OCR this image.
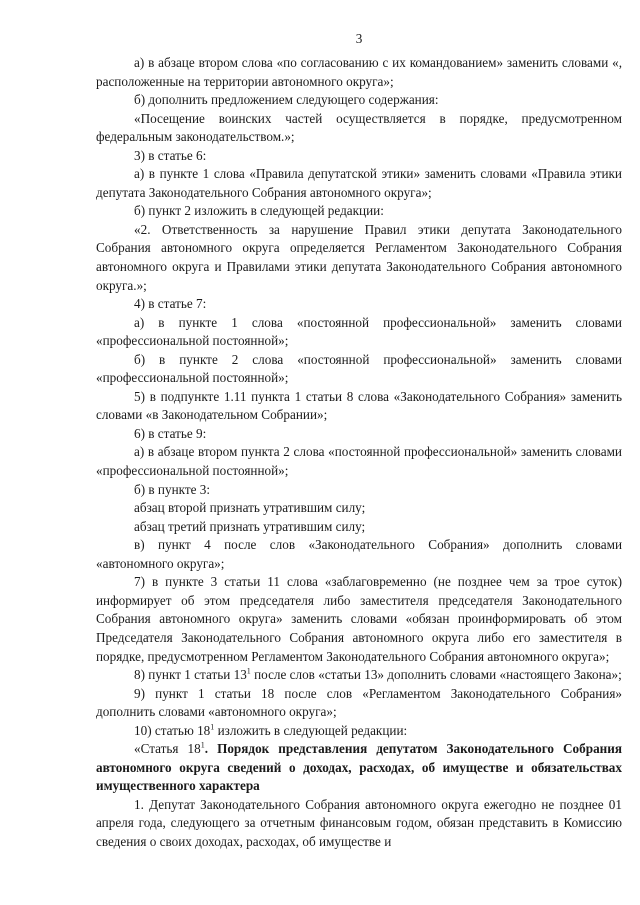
3

а) в абзаце втором слова «по согласованию с их командованием» заменить словами «, расположенные на территории автономного округа»;

б) дополнить предложением следующего содержания:

«Посещение воинских частей осуществляется в порядке, предусмотренном федеральным законодательством.»;

3) в статье 6:

а) в пункте 1 слова «Правила депутатской этики» заменить словами «Правила этики депутата Законодательного Собрания автономного округа»;

б) пункт 2 изложить в следующей редакции:

«2. Ответственность за нарушение Правил этики депутата Законодательного Собрания автономного округа определяется Регламентом Законодательного Собрания автономного округа и Правилами этики депутата Законодательного Собрания автономного округа.»;

4) в статье 7:

а) в пункте 1 слова «постоянной профессиональной» заменить словами «профессиональной постоянной»;

б) в пункте 2 слова «постоянной профессиональной» заменить словами «профессиональной постоянной»;

5) в подпункте 1.11 пункта 1 статьи 8 слова «Законодательного Собрания» заменить словами «в Законодательном Собрании»;

6) в статье 9:

а) в абзаце втором пункта 2 слова «постоянной профессиональной» заменить словами «профессиональной постоянной»;

б) в пункте 3:

абзац второй признать утратившим силу;

абзац третий признать утратившим силу;

в) пункт 4 после слов «Законодательного Собрания» дополнить словами «автономного округа»;

7) в пункте 3 статьи 11 слова «заблаговременно (не позднее чем за трое суток) информирует об этом председателя либо заместителя председателя Законодательного Собрания автономного округа» заменить словами «обязан проинформировать об этом Председателя Законодательного Собрания автономного округа либо его заместителя в порядке, предусмотренном Регламентом Законодательного Собрания автономного округа»;

8) пункт 1 статьи $13^1$ после слов «статьи 13» дополнить словами «настоящего Закона»;

9) пункт 1 статьи 18 после слов «Регламентом Законодательного Собрания» дополнить словами «автономного округа»;

10) статью $18^1$ изложить в следующей редакции:

«Статья $18^1$. Порядок представления депутатом Законодательного Собрания автономного округа сведений о доходах, расходах, об имуществе и обязательствах имущественного характера

1. Депутат Законодательного Собрания автономного округа ежегодно не позднее 01 апреля года, следующего за отчетным финансовым годом, обязан представить в Комиссию сведения о своих доходах, расходах, об имуществе и
